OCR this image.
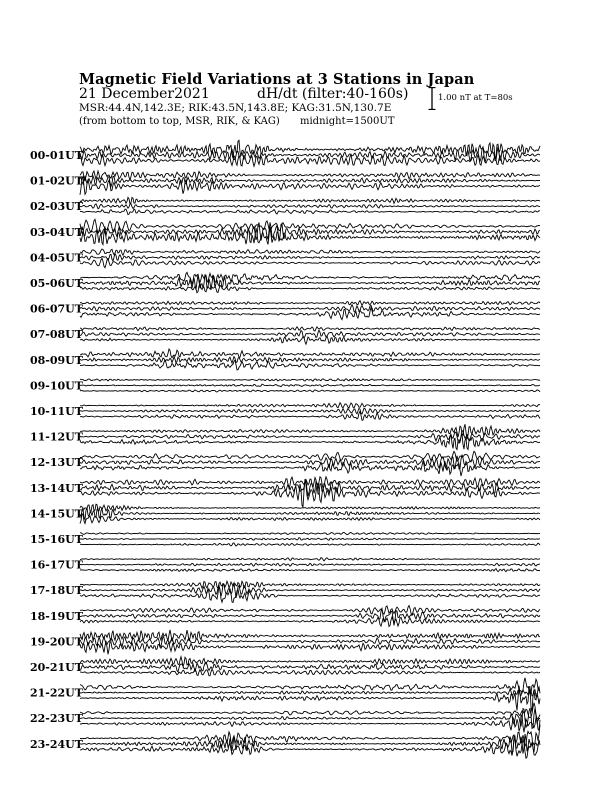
Magnetic Field Variations at 3 Stations in Japan
21 December2021	dH/dt (filter:40-160s)
MSR:44.4N,142.3E; RIK:43.5N,143.8E; KAG:31.5N,130.7E
(from bottom to top, MSR, RIK, & KAG) midnight=1500UT
1.00 nT at T=80s
00-01UT
01-02UT
02-03UT
03-04UT
04-05UT
05-06UT
06-07UT
07-08UT
08-09UT
09-10UT
10-11UT
11-12UT
12-13UT
13-14UT
14-15UT
15-16UT
16-17UT
17-18UT
18-19UT
19-20UT
20-21UT
21-22UT
22-23UT
23-24UT
